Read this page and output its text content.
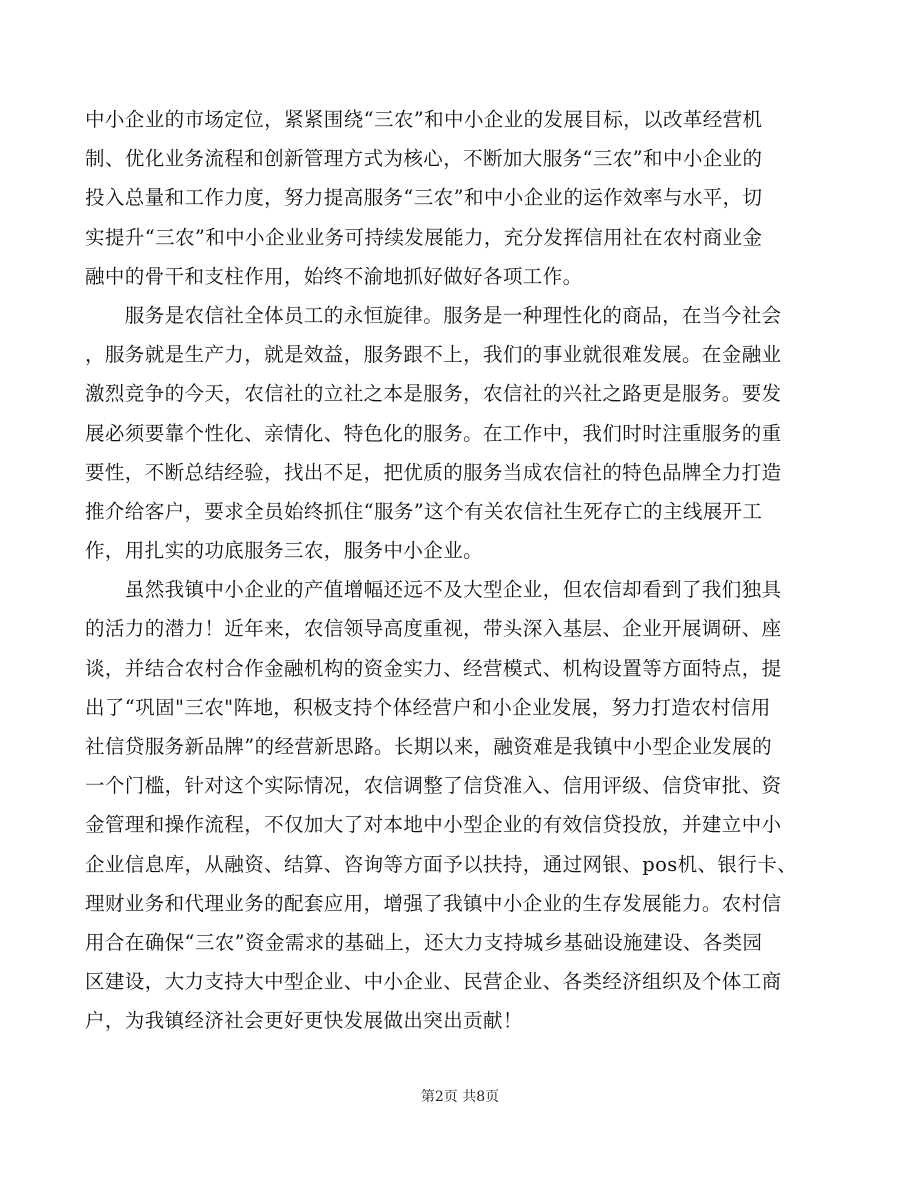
中小企业的市场定位，紧紧围绕“三农”和中小企业的发展目标，以改革经营机
制、优化业务流程和创新管理方式为核心，不断加大服务“三农”和中小企业的
投入总量和工作力度，努力提高服务“三农”和中小企业的运作效率与水平，切
实提升“三农”和中小企业业务可持续发展能力，充分发挥信用社在农村商业金
融中的骨干和支柱作用，始终不渝地抓好做好各项工作。
　　服务是农信社全体员工的永恒旋律。服务是一种理性化的商品，在当今社会
，服务就是生产力，就是效益，服务跟不上，我们的事业就很难发展。在金融业
激烈竞争的今天，农信社的立社之本是服务，农信社的兴社之路更是服务。要发
展必须要靠个性化、亲情化、特色化的服务。在工作中，我们时时注重服务的重
要性，不断总结经验，找出不足，把优质的服务当成农信社的特色品牌全力打造
推介给客户，要求全员始终抓住“服务”这个有关农信社生死存亡的主线展开工
作，用扎实的功底服务三农，服务中小企业。
　　虽然我镇中小企业的产值增幅还远不及大型企业，但农信却看到了我们独具
的活力的潜力！近年来，农信领导高度重视，带头深入基层、企业开展调研、座
谈，并结合农村合作金融机构的资金实力、经营模式、机构设置等方面特点，提
出了“巩固"三农"阵地，积极支持个体经营户和小企业发展，努力打造农村信用
社信贷服务新品牌”的经营新思路。长期以来，融资难是我镇中小型企业发展的
一个门槛，针对这个实际情况，农信调整了信贷准入、信用评级、信贷审批、资
金管理和操作流程，不仅加大了对本地中小型企业的有效信贷投放，并建立中小
企业信息库，从融资、结算、咨询等方面予以扶持，通过网银、pos机、银行卡、
理财业务和代理业务的配套应用，增强了我镇中小企业的生存发展能力。农村信
用合在确保“三农”资金需求的基础上，还大力支持城乡基础设施建设、各类园
区建设，大力支持大中型企业、中小企业、民营企业、各类经济组织及个体工商
户，为我镇经济社会更好更快发展做出突出贡献！
第2页 共8页
